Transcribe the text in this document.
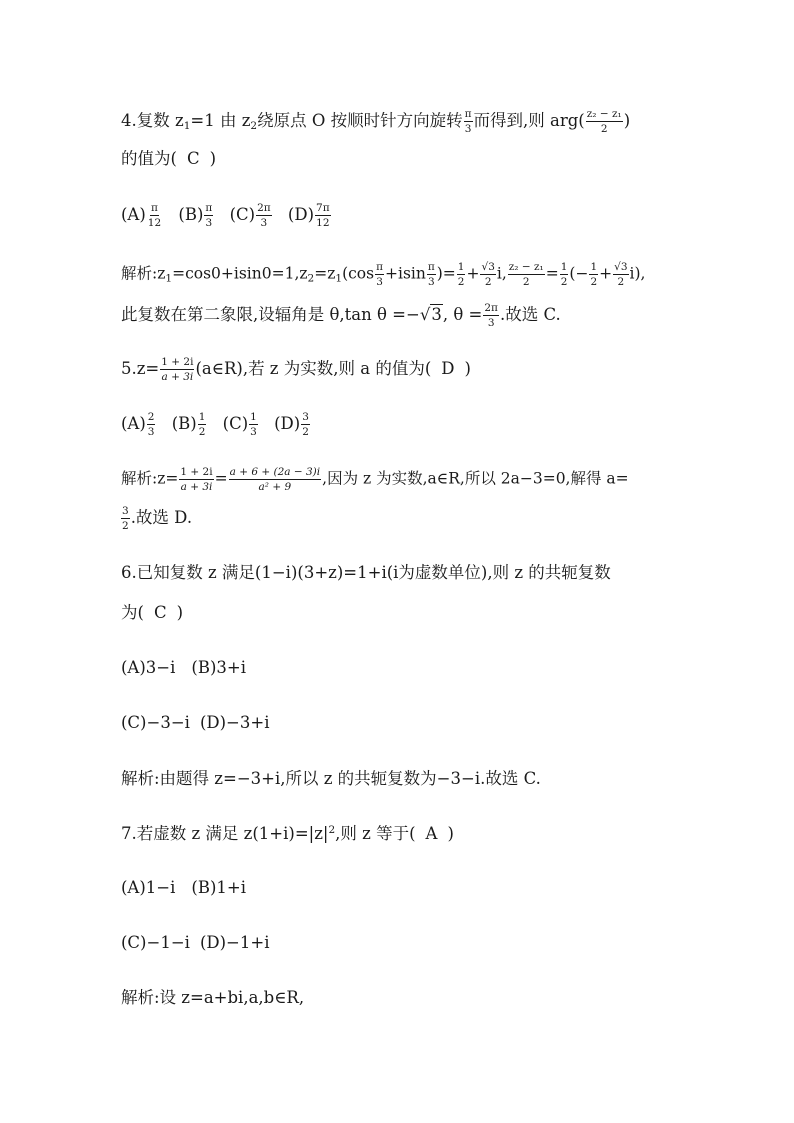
4.复数 $z_1=1$ 由 $z_2$绕原点 O 按顺时针方向旋转 $\frac{\pi}{3}$ 而得到,则 $arg( \frac{\text{z₂ − z₁}}{2}$ )
的值为( C )
$(A) \frac{\pi}{12} (B) \frac{\pi}{3} (C) \frac{2\pi}{3} (D) \frac{7\pi}{12}$
解析$:z_1=\cos 0+isin0=1,z_2=z_1(\cos \frac{\pi}{3} +isin \frac{\pi}{3}$ )= $\frac{1}{2} + \frac{√3}{2} i$, $\frac{\text{z₂ − z₁}}{2} = \frac{1}{2}$ (− $\frac{1}{2} + \frac{√3}{2} i$),
此复数在第二象限,设辐角是 θ,tan θ =−√3, $\theta = \frac{2\pi}{3}$ .故选 C.
$5.z= \frac{1 + 2i}{a + 3i}$ (a∈R),若 z 为实数,则 a 的值为( D )
$(A) \frac{2}{3} (B) \frac{1}{2} (C) \frac{1}{3} (D) \frac{3}{2}$
解析:z= $\frac{1 + 2i}{a + 3i} = \frac{a + 6 + (2a - 3)i}{\text{a² + 9}}$ ,因为 z 为实数,a∈R,所以 2a−3=0,解得 a=
$\frac{3}{2}$ .故选 D.
6.已知复数 z 满足(1−i)(3+z)=1+i(i为虚数单位),则 z 的共轭复数
为( C )
(A)3−i (B)3+i
(C)−3−i (D)−3+i
解析:由题得 z=−3+i,所以 z 的共轭复数为−3−i.故选 C.
7.若虚数 z 满足 $z(1+i)=|z|^2$,则 z 等于( A )
(A)1−i (B)1+i
(C)−1−i (D)−1+i
解析:设 z=a+bi,a,b∈R,
